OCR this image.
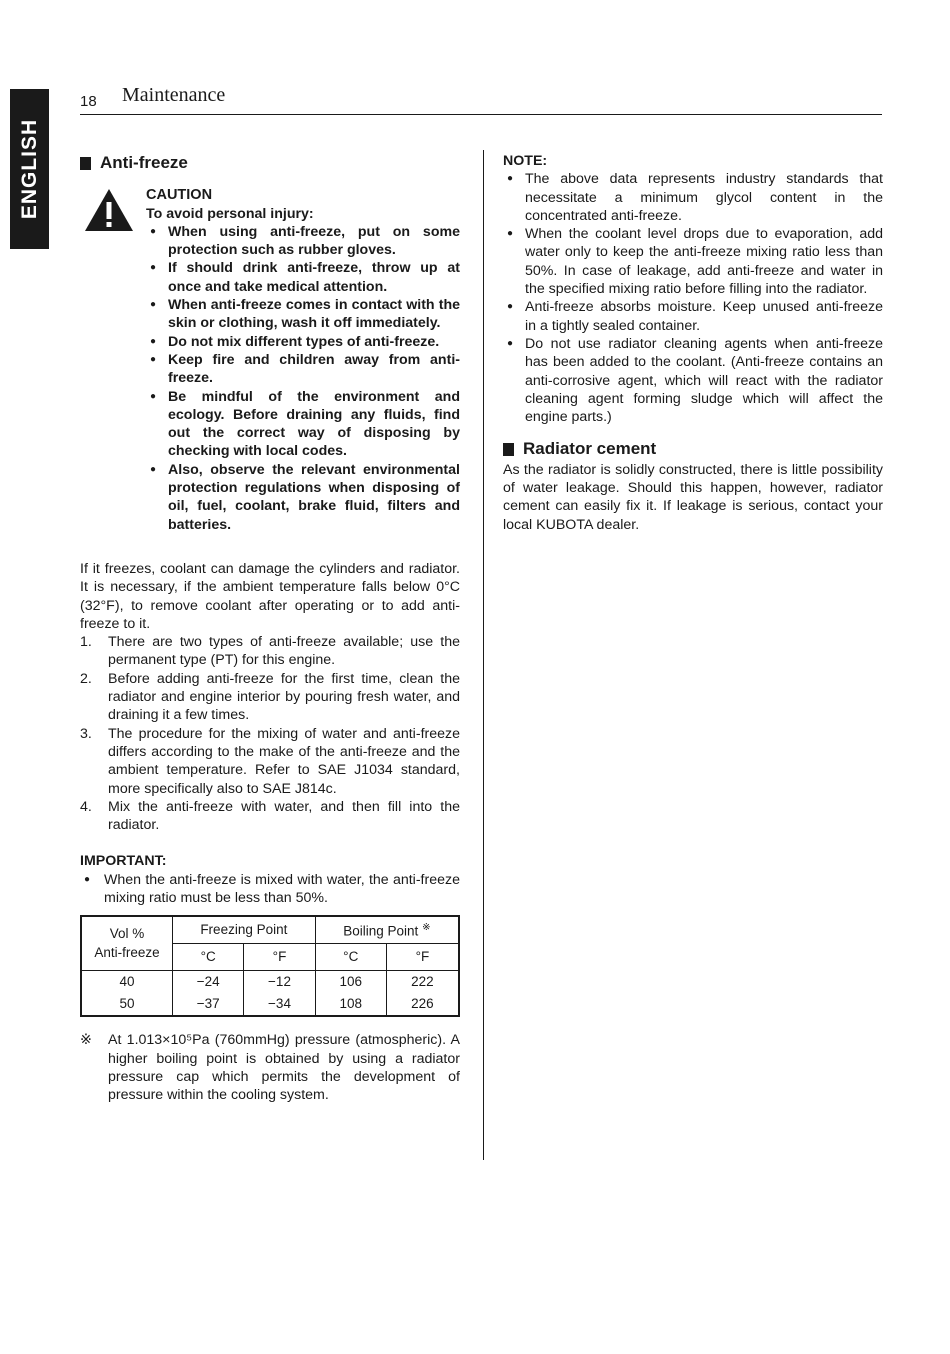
ENGLISH
18 Maintenance
Anti-freeze
CAUTION
To avoid personal injury:

● When using anti-freeze, put on some protection such as rubber gloves.

● If should drink anti-freeze, throw up at once and take medical attention.

● When anti-freeze comes in contact with the skin or clothing, wash it off immediately.

● Do not mix different types of anti-freeze.

● Keep fire and children away from anti-freeze.

● Be mindful of the environment and ecology. Before draining any fluids, find out the correct way of disposing by checking with local codes.

● Also, observe the relevant environmental protection regulations when disposing of oil, fuel, coolant, brake fluid, filters and batteries.

If it freezes, coolant can damage the cylinders and radiator. It is necessary, if the ambient temperature falls below 0°C (32°F), to remove coolant after operating or to add anti-freeze to it.

1. There are two types of anti-freeze available; use the permanent type (PT) for this engine.
2. Before adding anti-freeze for the first time, clean the radiator and engine interior by pouring fresh water, and draining it a few times.
3. The procedure for the mixing of water and anti-freeze differs according to the make of the anti-freeze and the ambient temperature. Refer to SAE J1034 standard, more specifically also to SAE J814c.
4. Mix the anti-freeze with water, and then fill into the radiator.
IMPORTANT:

● When the anti-freeze is mixed with water, the anti-freeze mixing ratio must be less than 50%.

Vol %
Anti-freeze	Freezing Point		Boiling Point ※
	°C	°F	°C	°F
40	−24	−12	106	222
50	−37	−34	108	226
※ At 1.013×10⁵Pa (760mmHg) pressure (atmospheric). A higher boiling point is obtained by using a radiator pressure cap which permits the development of pressure within the cooling system.
NOTE:

● The above data represents industry standards that necessitate a minimum glycol content in the concentrated anti-freeze.

● When the coolant level drops due to evaporation, add water only to keep the anti-freeze mixing ratio less than 50%. In case of leakage, add anti-freeze and water in the specified mixing ratio before filling into the radiator.

● Anti-freeze absorbs moisture. Keep unused anti-freeze in a tightly sealed container.

● Do not use radiator cleaning agents when anti-freeze has been added to the coolant. (Anti-freeze contains an anti-corrosive agent, which will react with the radiator cleaning agent forming sludge which will affect the engine parts.)

Radiator cement

As the radiator is solidly constructed, there is little possibility of water leakage. Should this happen, however, radiator cement can easily fix it. If leakage is serious, contact your local KUBOTA dealer.
